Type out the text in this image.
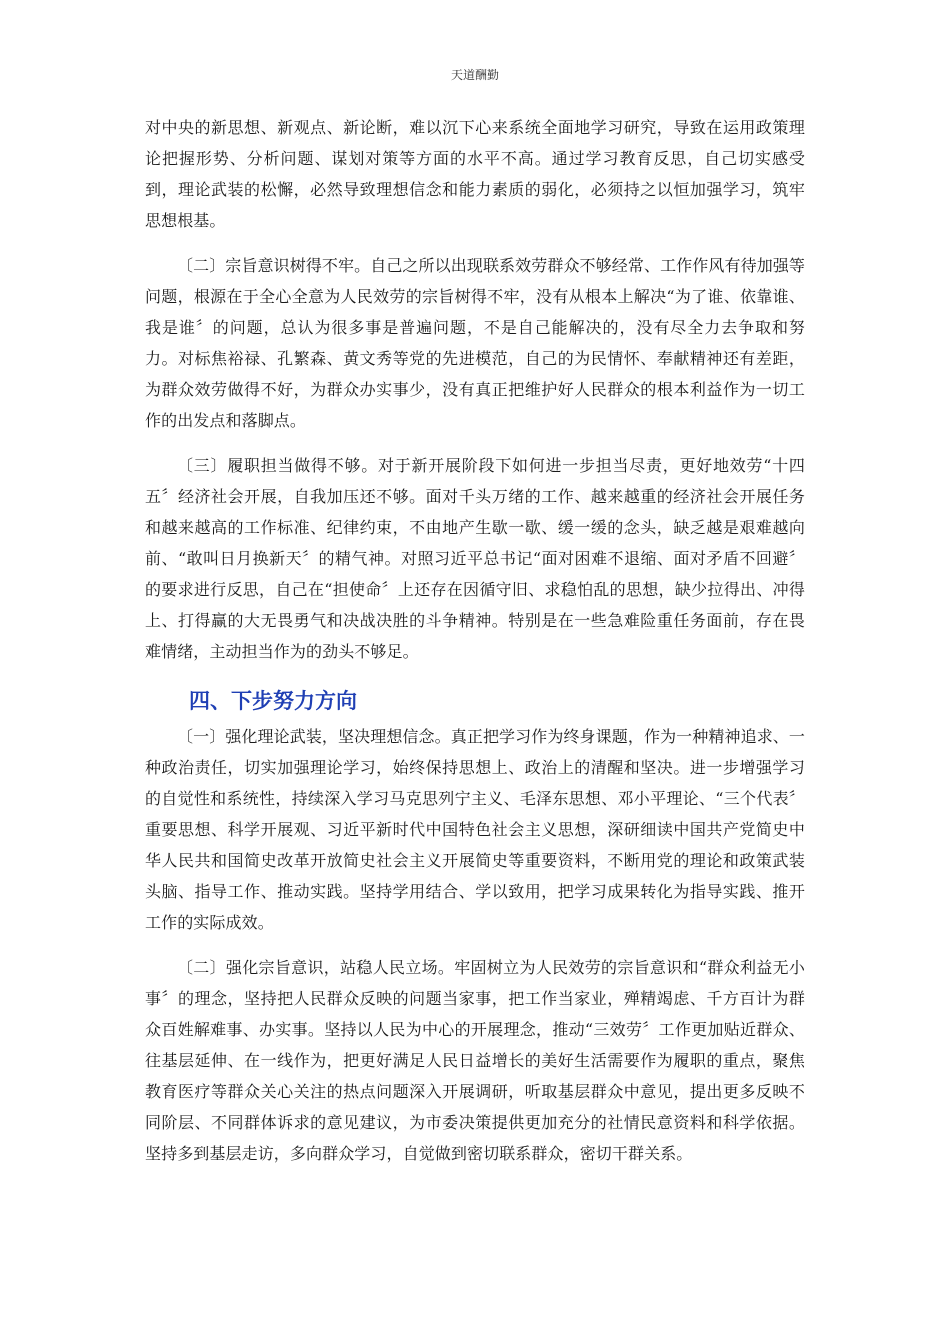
天道酬勤

对中央的新思想、新观点、新论断，难以沉下心来系统全面地学习研究，导致在运用政策理论把握形势、分析问题、谋划对策等方面的水平不高。通过学习教育反思，自己切实感受到，理论武装的松懈，必然导致理想信念和能力素质的弱化，必须持之以恒加强学习，筑牢思想根基。

〔二〕宗旨意识树得不牢。自己之所以出现联系效劳群众不够经常、工作作风有待加强等问题，根源在于全心全意为人民效劳的宗旨树得不牢，没有从根本上解决“为了谁、依靠谁、我是谁〞的问题，总认为很多事是普遍问题，不是自己能解决的，没有尽全力去争取和努力。对标焦裕禄、孔繁森、黄文秀等党的先进模范，自己的为民情怀、奉献精神还有差距，为群众效劳做得不好，为群众办实事少，没有真正把维护好人民群众的根本利益作为一切工作的出发点和落脚点。

〔三〕履职担当做得不够。对于新开展阶段下如何进一步担当尽责，更好地效劳“十四五〞经济社会开展，自我加压还不够。面对千头万绪的工作、越来越重的经济社会开展任务和越来越高的工作标准、纪律约束，不由地产生歇一歇、缓一缓的念头，缺乏越是艰难越向前、“敢叫日月换新天〞的精气神。对照习近平总书记“面对困难不退缩、面对矛盾不回避〞的要求进行反思，自己在“担使命〞上还存在因循守旧、求稳怕乱的思想，缺少拉得出、冲得上、打得赢的大无畏勇气和决战决胜的斗争精神。特别是在一些急难险重任务面前，存在畏难情绪，主动担当作为的劲头不够足。

四、下步努力方向

〔一〕强化理论武装，坚决理想信念。真正把学习作为终身课题，作为一种精神追求、一种政治责任，切实加强理论学习，始终保持思想上、政治上的清醒和坚决。进一步增强学习的自觉性和系统性，持续深入学习马克思列宁主义、毛泽东思想、邓小平理论、“三个代表〞重要思想、科学开展观、习近平新时代中国特色社会主义思想，深研细读中国共产党简史中华人民共和国简史改革开放简史社会主义开展简史等重要资料，不断用党的理论和政策武装头脑、指导工作、推动实践。坚持学用结合、学以致用，把学习成果转化为指导实践、推开工作的实际成效。

〔二〕强化宗旨意识，站稳人民立场。牢固树立为人民效劳的宗旨意识和“群众利益无小事〞的理念，坚持把人民群众反映的问题当家事，把工作当家业，殚精竭虑、千方百计为群众百姓解难事、办实事。坚持以人民为中心的开展理念，推动“三效劳〞工作更加贴近群众、往基层延伸、在一线作为，把更好满足人民日益增长的美好生活需要作为履职的重点，聚焦教育医疗等群众关心关注的热点问题深入开展调研，听取基层群众中意见，提出更多反映不同阶层、不同群体诉求的意见建议，为市委决策提供更加充分的社情民意资料和科学依据。坚持多到基层走访，多向群众学习，自觉做到密切联系群众，密切干群关系。
